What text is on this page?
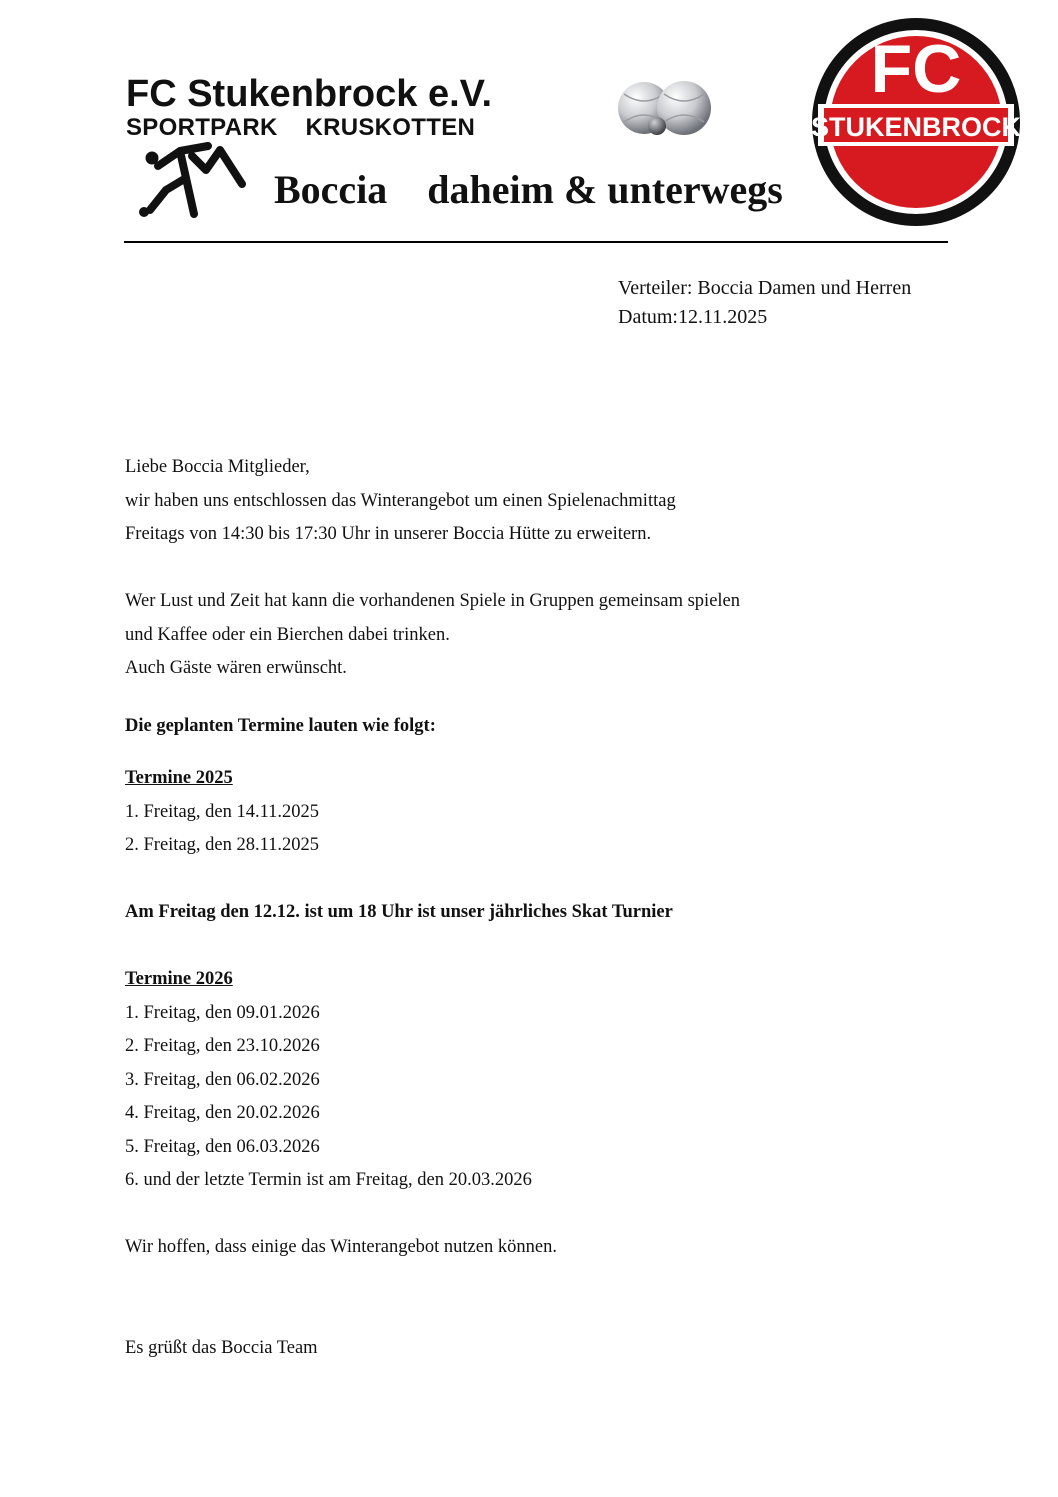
FC Stukenbrock e.V.
SPORTPARK    KRUSKOTTEN
FC
STUKENBROCK
Boccia    daheim & unterwegs
Verteiler: Boccia Damen und Herren
Datum:12.11.2025
Liebe Boccia Mitglieder,
wir haben uns entschlossen das Winterangebot um einen Spielenachmittag
Freitags von 14:30 bis 17:30 Uhr in unserer Boccia Hütte zu erweitern.
Wer Lust und Zeit hat kann die vorhandenen Spiele in Gruppen gemeinsam spielen
und Kaffee oder ein Bierchen dabei trinken.
Auch Gäste wären erwünscht.
Die geplanten Termine lauten wie folgt:
Termine 2025
1. Freitag, den 14.11.2025
2. Freitag, den 28.11.2025
Am Freitag den 12.12. ist um 18 Uhr ist unser jährliches Skat Turnier
Termine 2026
1. Freitag, den 09.01.2026
2. Freitag, den 23.10.2026
3. Freitag, den 06.02.2026
4. Freitag, den 20.02.2026
5. Freitag, den 06.03.2026
6. und der letzte Termin ist am Freitag, den 20.03.2026
Wir hoffen, dass einige das Winterangebot nutzen können.
Es grüßt das Boccia Team
